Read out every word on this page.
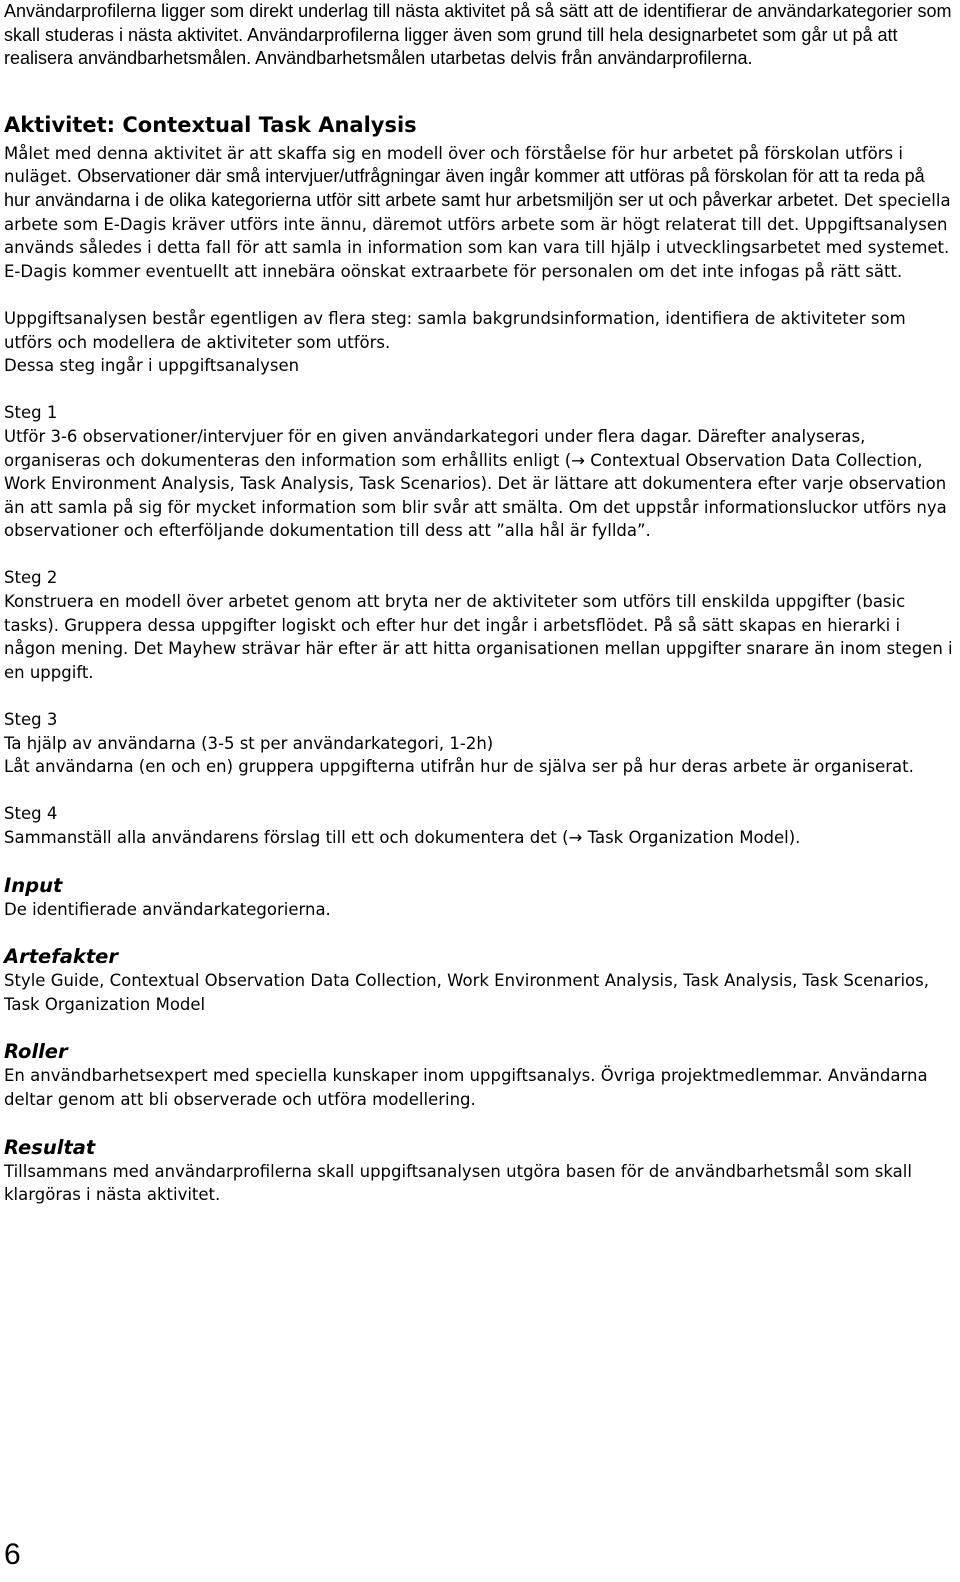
Användarprofilerna ligger som direkt underlag till nästa aktivitet på så sätt att de identifierar de användarkategorier som skall studeras i nästa aktivitet. Användarprofilerna ligger även som grund till hela designarbetet som går ut på att realisera användbarhetsmålen. Användbarhetsmålen utarbetas delvis från användarprofilerna.

Aktivitet: Contextual Task Analysis

Målet med denna aktivitet är att skaffa sig en modell över och förståelse för hur arbetet på förskolan utförs i nuläget. Observationer där små intervjuer/utfrågningar även ingår kommer att utföras på förskolan för att ta reda på hur användarna i de olika kategorierna utför sitt arbete samt hur arbetsmiljön ser ut och påverkar arbetet. Det speciella arbete som E-Dagis kräver utförs inte ännu, däremot utförs arbete som är högt relaterat till det. Uppgiftsanalysen används således i detta fall för att samla in information som kan vara till hjälp i utvecklingsarbetet med systemet. E-Dagis kommer eventuellt att innebära oönskat extraarbete för personalen om det inte infogas på rätt sätt.

Uppgiftsanalysen består egentligen av flera steg: samla bakgrundsinformation, identifiera de aktiviteter som utförs och modellera de aktiviteter som utförs.

Dessa steg ingår i uppgiftsanalysen

Steg 1

Utför 3-6 observationer/intervjuer för en given användarkategori under flera dagar. Därefter analyseras, organiseras och dokumenteras den information som erhållits enligt (→ Contextual Observation Data Collection, Work Environment Analysis, Task Analysis, Task Scenarios). Det är lättare att dokumentera efter varje observation än att samla på sig för mycket information som blir svår att smälta. Om det uppstår informationsluckor utförs nya observationer och efterföljande dokumentation till dess att ”alla hål är fyllda”.

Steg 2

Konstruera en modell över arbetet genom att bryta ner de aktiviteter som utförs till enskilda uppgifter (basic tasks). Gruppera dessa uppgifter logiskt och efter hur det ingår i arbetsflödet. På så sätt skapas en hierarki i någon mening. Det Mayhew strävar här efter är att hitta organisationen mellan uppgifter snarare än inom stegen i en uppgift.

Steg 3

Ta hjälp av användarna (3-5 st per användarkategori, 1-2h)

Låt användarna (en och en) gruppera uppgifterna utifrån hur de själva ser på hur deras arbete är organiserat.

Steg 4

Sammanställ alla användarens förslag till ett och dokumentera det (→ Task Organization Model).

Input

De identifierade användarkategorierna.

Artefakter

Style Guide, Contextual Observation Data Collection, Work Environment Analysis, Task Analysis, Task Scenarios, Task Organization Model

Roller

En användbarhetsexpert med speciella kunskaper inom uppgiftsanalys. Övriga projektmedlemmar. Användarna deltar genom att bli observerade och utföra modellering.

Resultat

Tillsammans med användarprofilerna skall uppgiftsanalysen utgöra basen för de användbarhetsmål som skall klargöras i nästa aktivitet.

6
